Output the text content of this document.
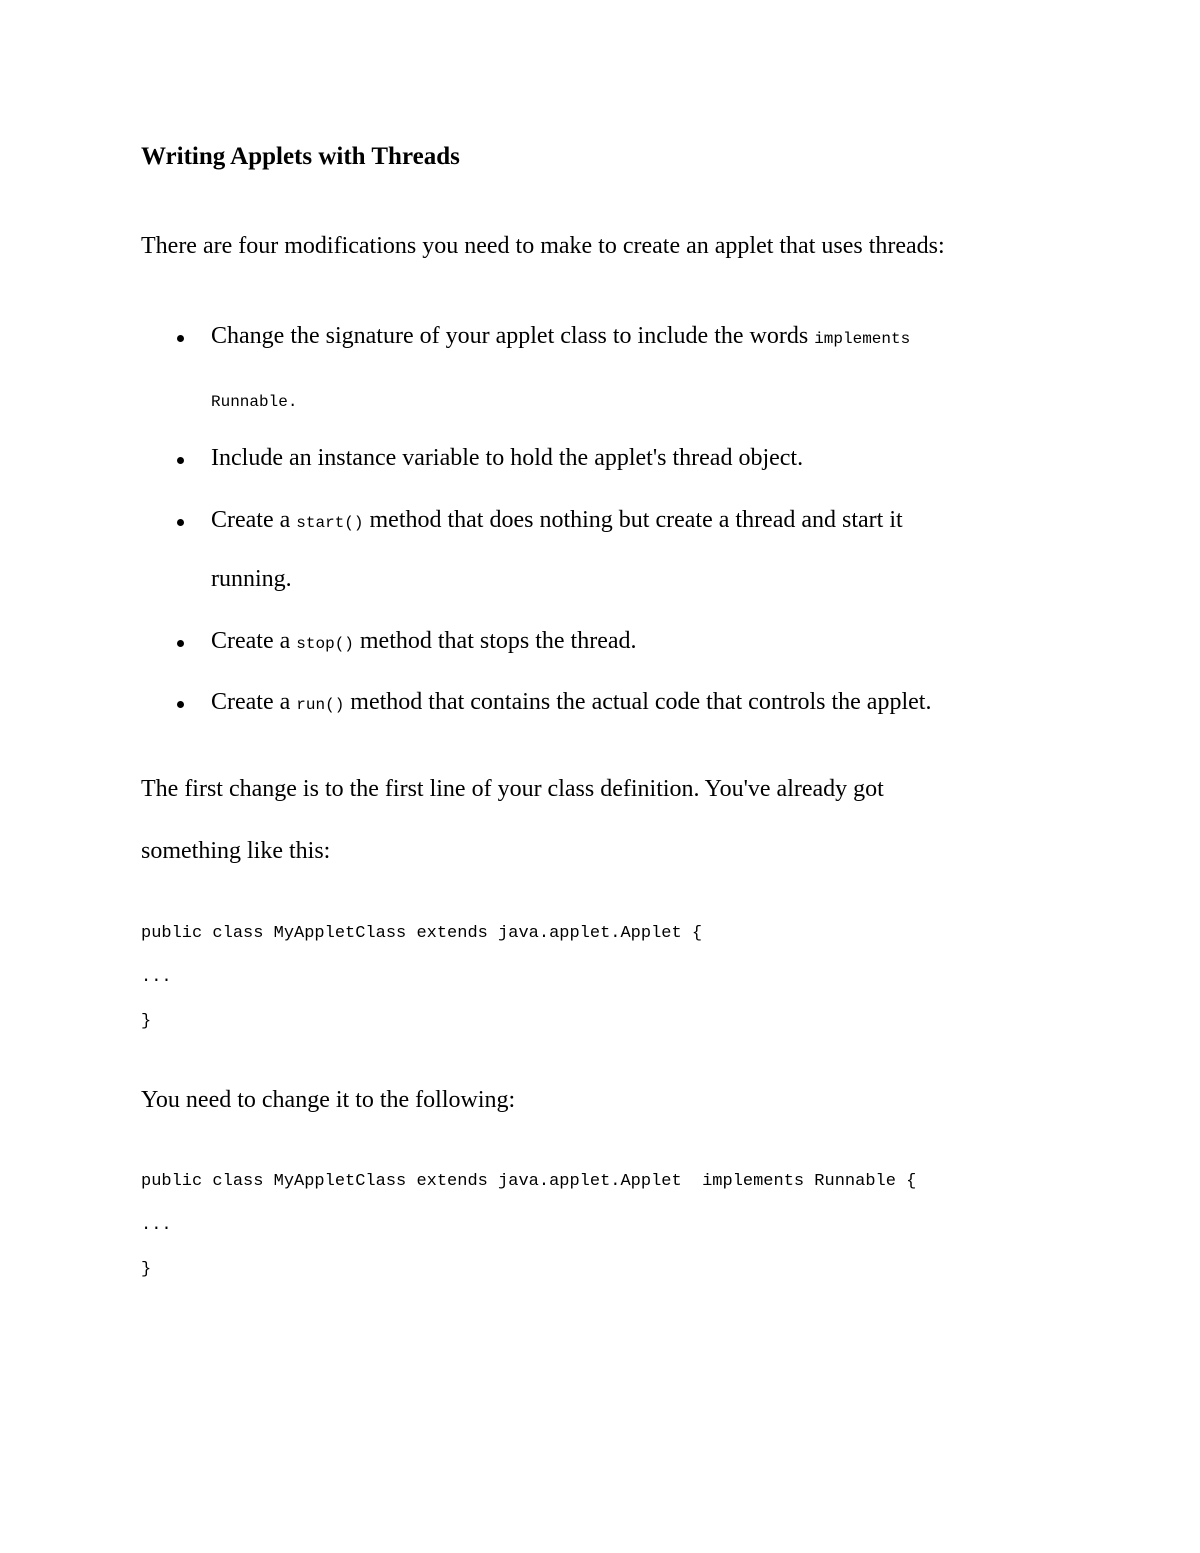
Writing Applets with Threads
There are four modifications you need to make to create an applet that uses threads:
Change the signature of your applet class to include the words implements
Runnable.
Include an instance variable to hold the applet's thread object.
Create a start() method that does nothing but create a thread and start it
running.
Create a stop() method that stops the thread.
Create a run() method that contains the actual code that controls the applet.
The first change is to the first line of your class definition. You've already got
something like this:
public class MyAppletClass extends java.applet.Applet {
...
}
You need to change it to the following:
public class MyAppletClass extends java.applet.Applet  implements Runnable {
...
}
